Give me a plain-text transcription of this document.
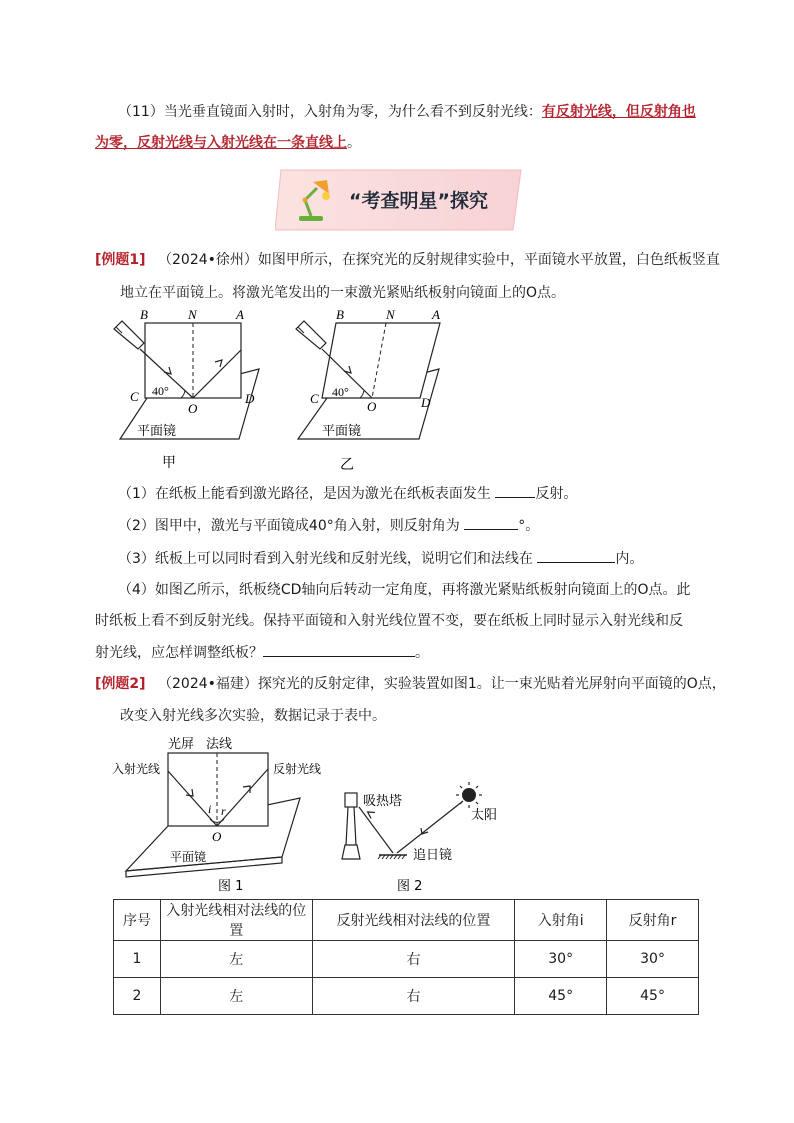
（11）当光垂直镜面入射时，入射角为零，为什么看不到反射光线：有反射光线，但反射角也
为零，反射光线与入射光线在一条直线上。
“考查明星”探究
[例题1] （2024•徐州）如图甲所示，在探究光的反射规律实验中，平面镜水平放置，白色纸板竖直
地立在平面镜上。将激光笔发出的一束激光紧贴纸板射向镜面上的O点。
B	N	A
C
O
D
40°
平面镜
甲
B	N	A
C
O	D
40°
平面镜
乙
（1）在纸板上能看到激光路径，是因为激光在纸板表面发生	反射。
（2）图甲中，激光与平面镜成40°角入射，则反射角为	°。
（3）纸板上可以同时看到入射光线和反射光线，说明它们和法线在	内。
（4）如图乙所示，纸板绕CD轴向后转动一定角度，再将激光紧贴纸板射向镜面上的O点。此
时纸板上看不到反射光线。保持平面镜和入射光线位置不变，要在纸板上同时显示入射光线和反
射光线，应怎样调整纸板？	。
[例题2] （2024•福建）探究光的反射定律，实验装置如图1。让一束光贴着光屏射向平面镜的O点，
改变入射光线多次实验，数据记录于表中。
光屏 法线
入射光线	反射光线
i r
O
平面镜
图 1
吸热塔
太阳
追日镜
图 2
序号	入射光线相对法线的位置	反射光线相对法线的位置	入射角i	反射角r
1	左	右	30°	30°
2	左	右	45°	45°
